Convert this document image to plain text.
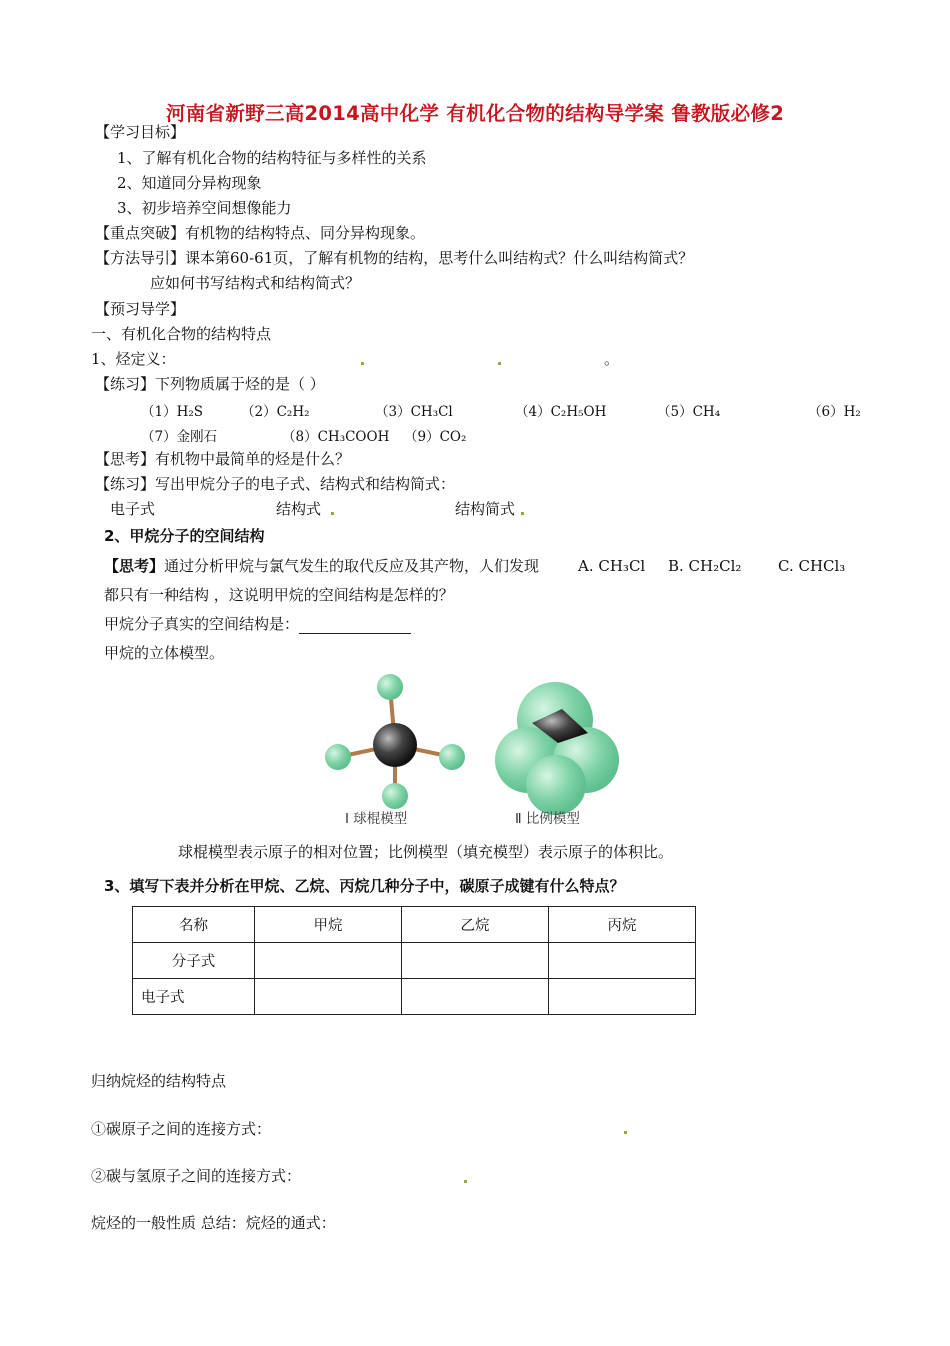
河南省新野三高2014高中化学 有机化合物的结构导学案 鲁教版必修2
【学习目标】
1、了解有机化合物的结构特征与多样性的关系
2、知道同分异构现象
3、初步培养空间想像能力
【重点突破】有机物的结构特点、同分异构现象。
【方法导引】课本第60-61页，了解有机物的结构，思考什么叫结构式？什么叫结构简式？
应如何书写结构式和结构简式？
【预习导学】
一、有机化合物的结构特点
1、烃定义：	。
【练习】下列物质属于烃的是（ ）
（1）H₂S	（2）C₂H₂	（3）CH₃Cl	（4）C₂H₅OH	（5）CH₄	（6）H₂
（7）金刚石	（8）CH₃COOH （9）CO₂
【思考】有机物中最简单的烃是什么？
【练习】写出甲烷分子的电子式、结构式和结构简式：
电子式	结构式	结构简式
2、甲烷分子的空间结构
【思考】通过分析甲烷与氯气发生的取代反应及其产物，人们发现	A. CH₃Cl B. CH₂Cl₂ C. CHCl₃
都只有一种结构 ，这说明甲烷的空间结构是怎样的？
甲烷分子真实的空间结构是：
甲烷的立体模型。
Ⅰ 球棍模型	Ⅱ 比例模型
球棍模型表示原子的相对位置；比例模型（填充模型）表示原子的体积比。
3、填写下表并分析在甲烷、乙烷、丙烷几种分子中，碳原子成键有什么特点？
名称	甲烷	乙烷	丙烷
分子式			
电子式			
归纳烷烃的结构特点
①碳原子之间的连接方式：
②碳与氢原子之间的连接方式：
烷烃的一般性质 总结：烷烃的通式：
